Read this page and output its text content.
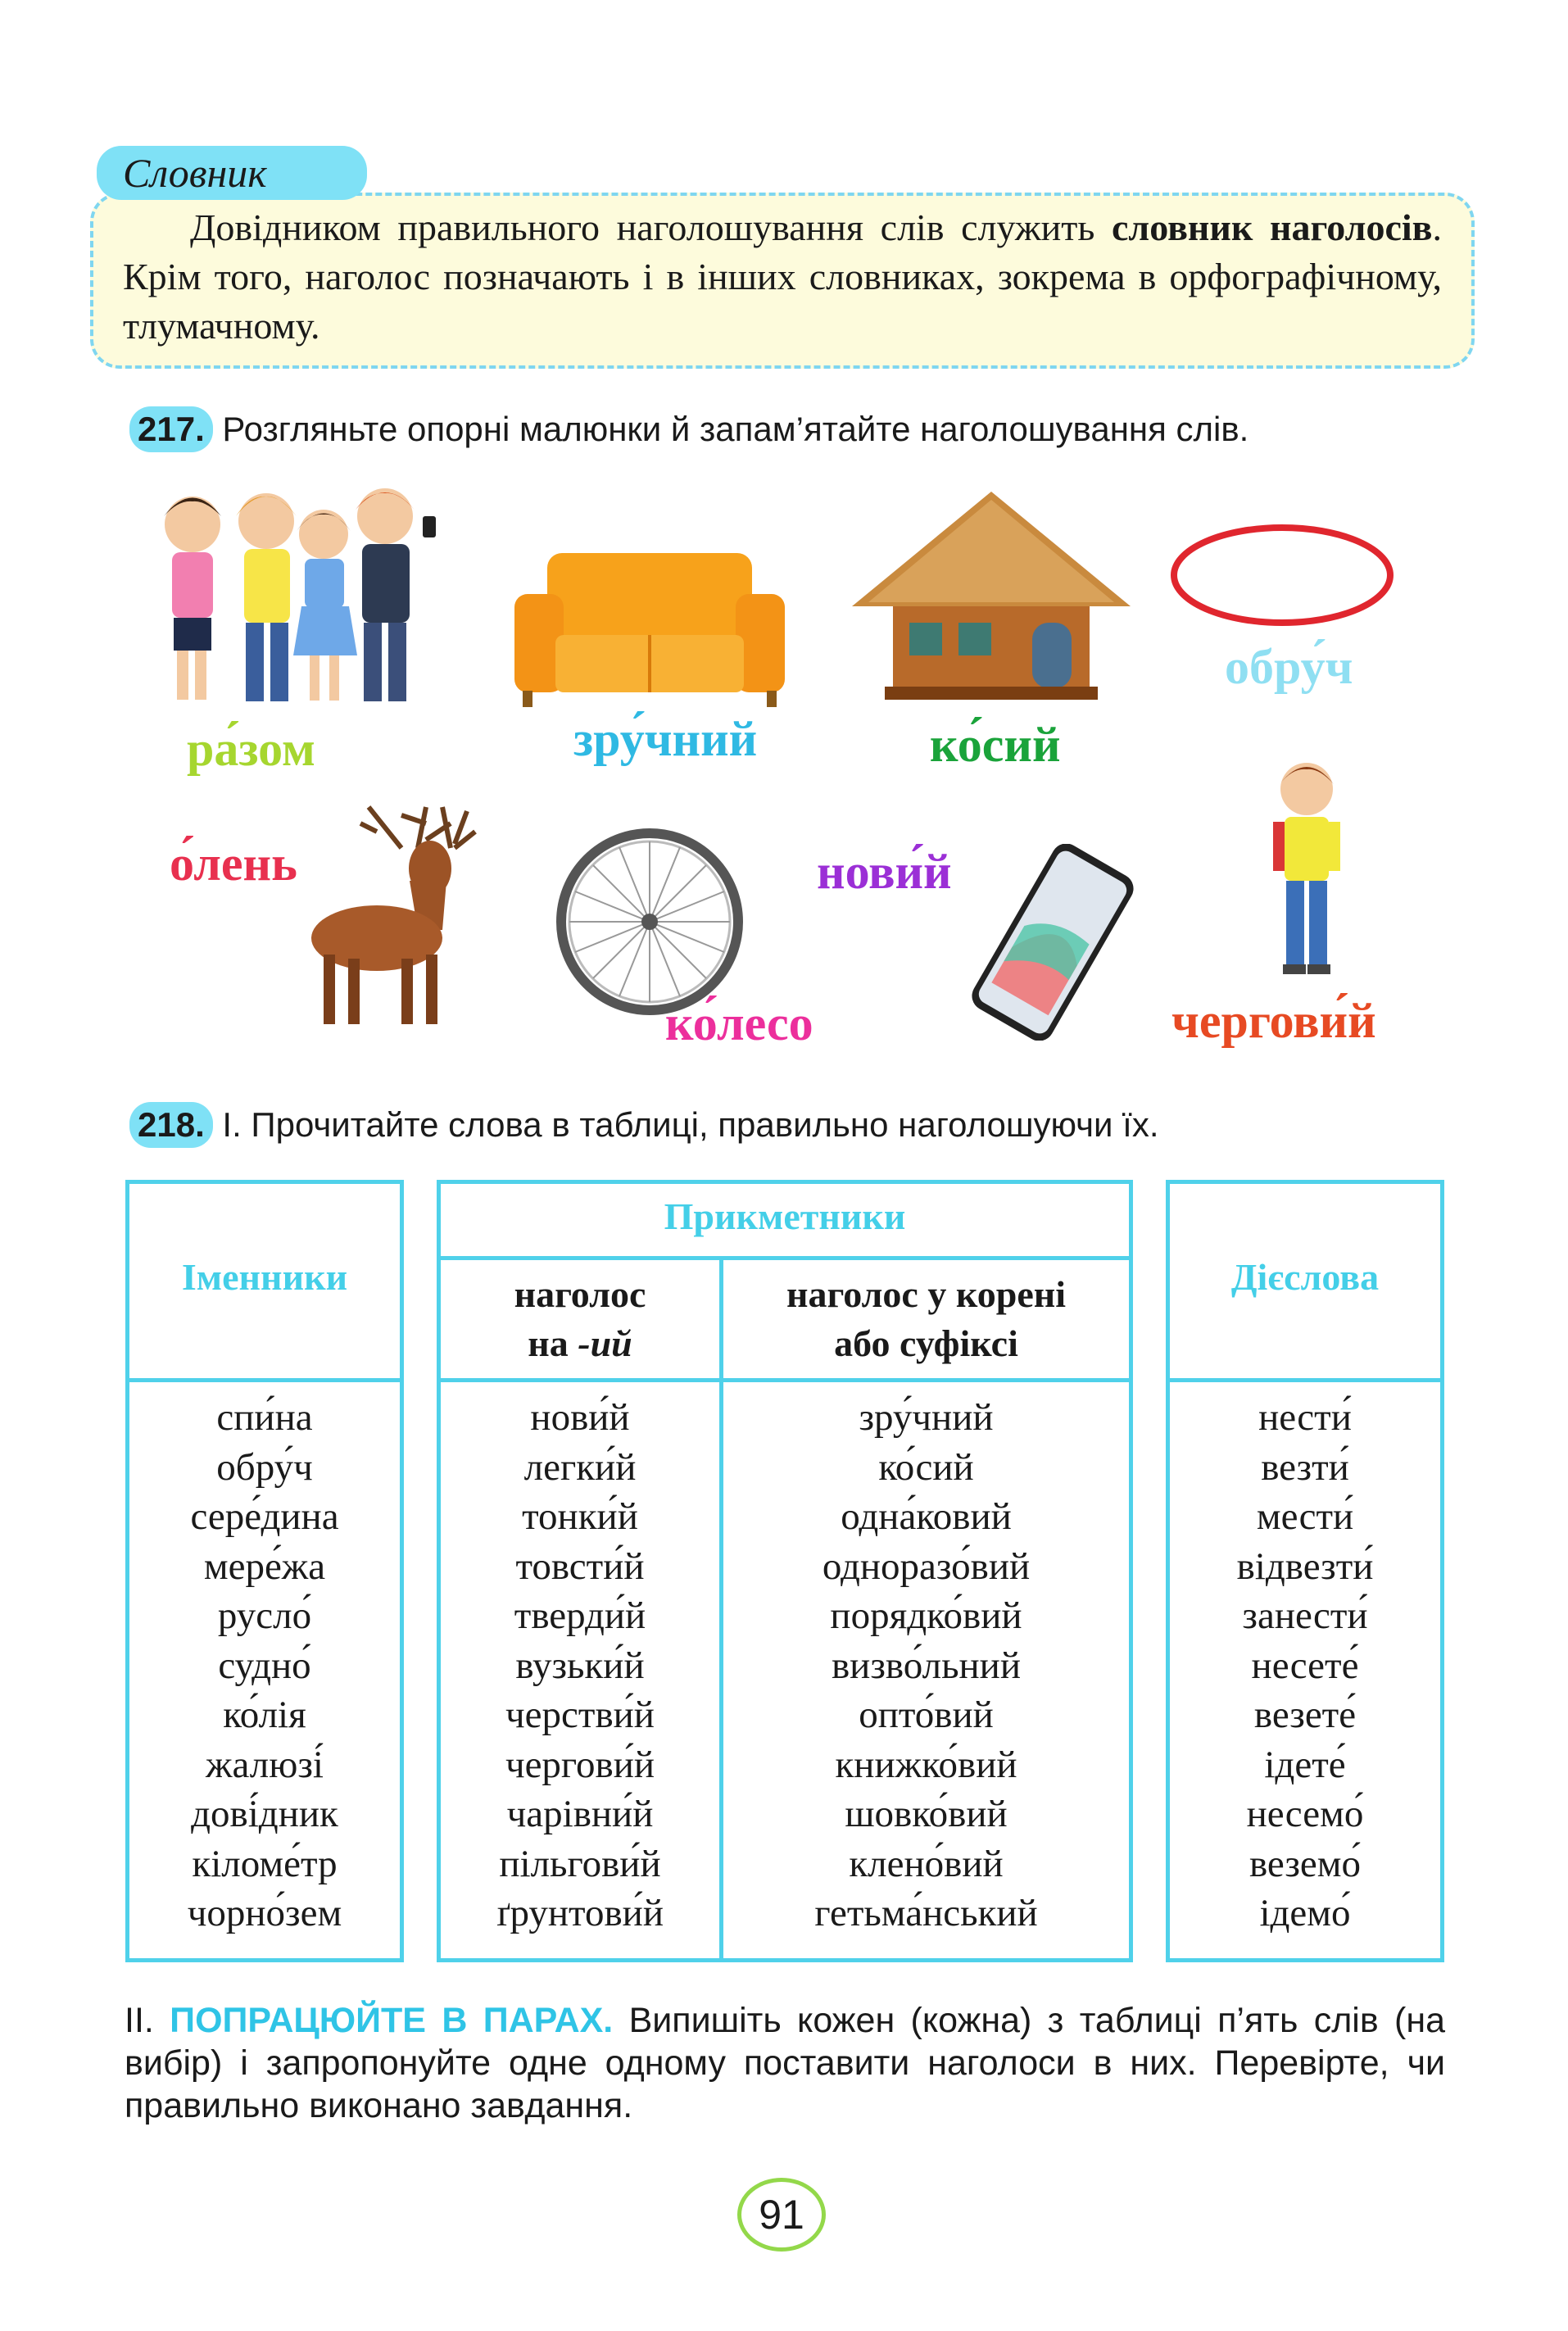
Словник
Довідником правильного наголошування слів служить словник наголосів. Крім того, наголос позначають і в інших словниках, зокрема в орфографічному, тлумачному.
217. Розгляньте опорні малюнки й запам’ятайте наголошування слів.
ра́зом	зру́чний	ко́сий
обру́ч
о́лень
ко́лесо
нови́й
чергови́й
218. І. Прочитайте слова в таблиці, правильно наголошуючи їх.
Іменники
Прикметники
Дієслова
наголос
на -ий
наголос у корені
або суфіксі
спи́на
обру́ч
сере́дина
мере́жа
русло́
судно́
ко́лія
жалюзі́
дові́дник
кіломе́тр
чорно́зем
нови́й
легки́й
тонки́й
товсти́й
тверди́й
вузьки́й
черстви́й
чергови́й
чарівни́й
пільгови́й
ґрунтови́й
зру́чний
ко́сий
одна́ковий
одноразо́вий
порядко́вий
визво́льний
опто́вий
книжко́вий
шовко́вий
клено́вий
гетьма́нський
нести́
везти́
мести́
відвезти́
занести́
несете́
везете́
ідете́
несемо́
веземо́
ідемо́
ІІ. ПОПРАЦЮЙТЕ В ПАРАХ. Випишіть кожен (кожна) з таблиці п’ять слів (на вибір) і запропонуйте одне одному поставити наголоси в них. Перевірте, чи правильно виконано завдання.
91
